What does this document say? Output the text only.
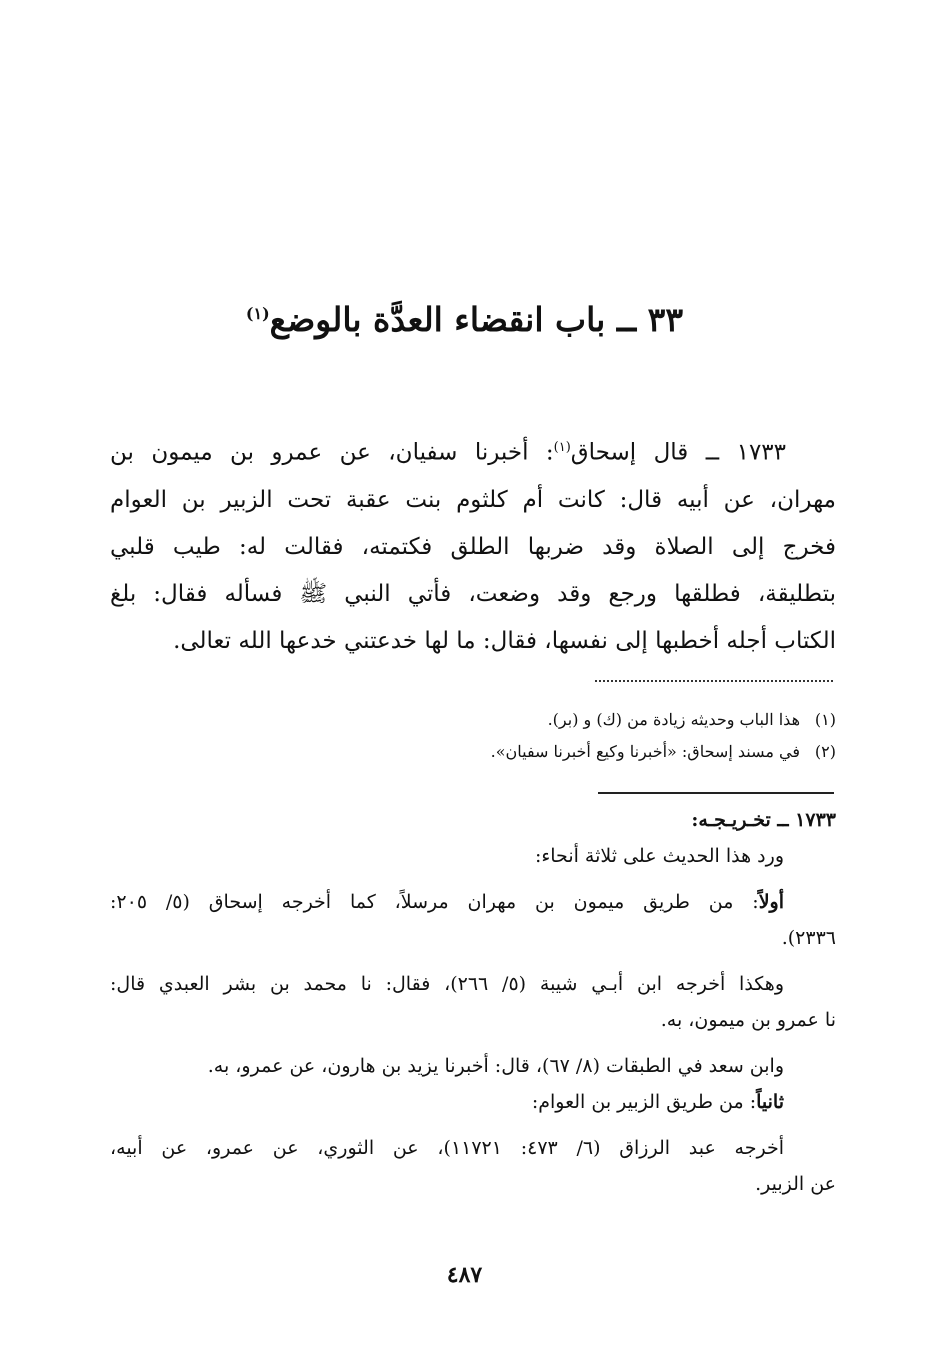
٣٣ ــ باب انقضاء العدَّة بالوضع$^{(١)}$
١٧٣٣ ــ قال إسحاق$^{(١)}$: أخبرنا سفيان، عن عمرو بن ميمون بن
مهران، عن أبيه قال: كانت أم كلثوم بنت عقبة تحت الزبير بن العوام
فخرج إلى الصلاة وقد ضربها الطلق فكتمته، فقالت له: طيب قلبي
بتطليقة، فطلقها ورجع وقد وضعت، فأتي النبي ﷺ فسأله فقال: بلغ
الكتاب أجله أخطبها إلى نفسها، فقال: ما لها خدعتني خدعها الله تعالى.
(١)هذا الباب وحديثه زيادة من (ك) و (بر).
(٢)في مسند إسحاق: «أخبرنا وكيع أخبرنا سفيان».
١٧٣٣ ــ تخـريـجـه:
ورد هذا الحديث على ثلاثة أنحاء:
أولاً: من طريق ميمون بن مهران مرسلاً، كما أخرجه إسحاق (٥/ ٢٠٥:
٢٣٣٦).
وهكذا أخرجه ابن أبـي شيبة (٥/ ٢٦٦)، فقال: نا محمد بن بشر العبدي قال:
نا عمرو بن ميمون، به.
وابن سعد في الطبقات (٨/ ٦٧)، قال: أخبرنا يزيد بن هارون، عن عمرو، به.
ثانياً: من طريق الزبير بن العوام:
أخرجه عبد الرزاق (٦/ ٤٧٣: ١١٧٢١)، عن الثوري، عن عمرو، عن أبيه،
عن الزبير.
٤٨٧
